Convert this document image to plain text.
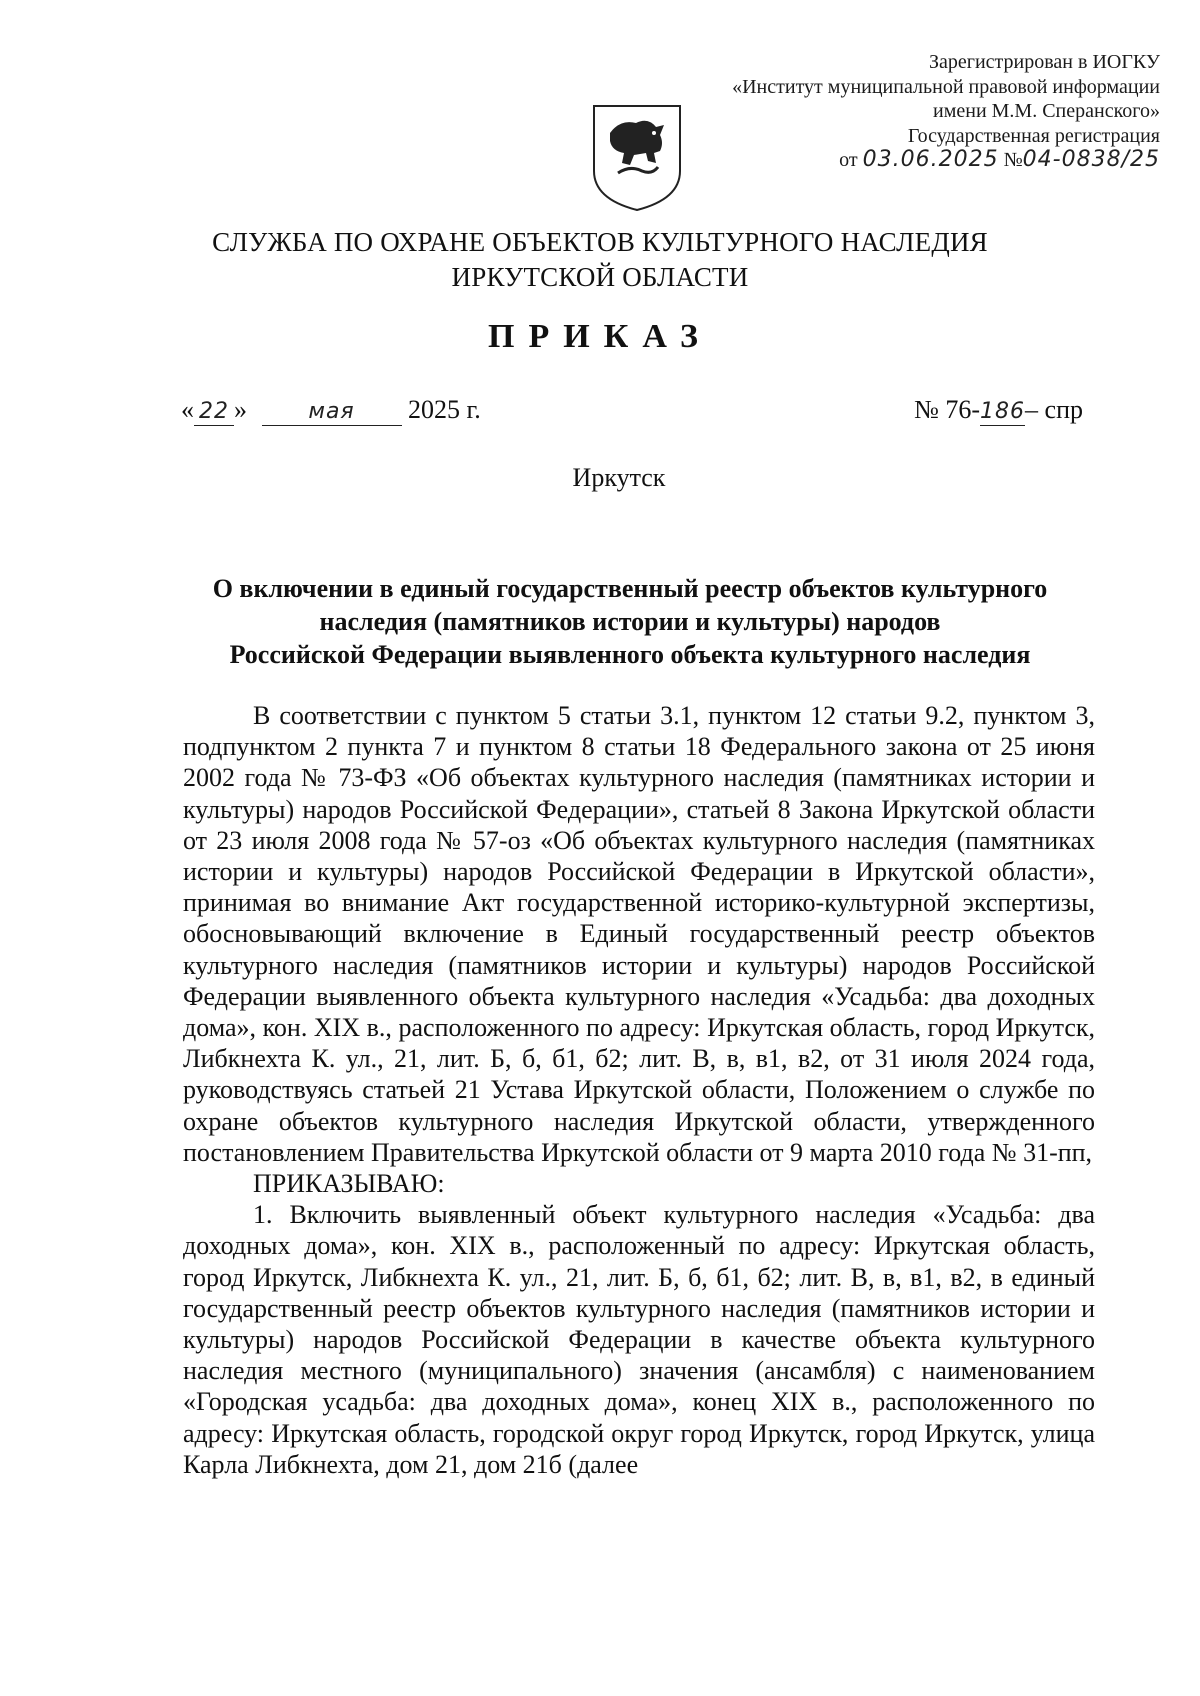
Зарегистрирован в ИОГКУ
«Институт муниципальной правовой информации
имени М.М. Сперанского»
Государственная регистрация
от 03.06.2025 №04-0838/25
СЛУЖБА ПО ОХРАНЕ ОБЪЕКТОВ КУЛЬТУРНОГО НАСЛЕДИЯ
ИРКУТСКОЙ ОБЛАСТИ
ПРИКАЗ
« 22 »	мая 2025 г.	№ 76-186– спр
Иркутск
О включении в единый государственный реестр объектов культурного
наследия (памятников истории и культуры) народов
Российской Федерации выявленного объекта культурного наследия

В соответствии с пунктом 5 статьи 3.1, пунктом 12 статьи 9.2, пунктом 3, подпунктом 2 пункта 7 и пунктом 8 статьи 18 Федерального закона от 25 июня 2002 года № 73-ФЗ «Об объектах культурного наследия (памятниках истории и культуры) народов Российской Федерации», статьей 8 Закона Иркутской области от 23 июля 2008 года № 57-оз «Об объектах культурного наследия (памятниках истории и культуры) народов Российской Федерации в Иркутской области», принимая во внимание Акт государственной историко-культурной экспертизы, обосновывающий включение в Единый государственный реестр объектов культурного наследия (памятников истории и культуры) народов Российской Федерации выявленного объекта культурного наследия «Усадьба: два доходных дома», кон. XIX в., расположенного по адресу: Иркутская область, город Иркутск, Либкнехта К. ул., 21, лит. Б, б, б1, б2; лит. В, в, в1, в2, от 31 июля 2024 года, руководствуясь статьей 21 Устава Иркутской области, Положением о службе по охране объектов культурного наследия Иркутской области, утвержденного постановлением Правительства Иркутской области от 9 марта 2010 года № 31-пп,

ПРИКАЗЫВАЮ:

1. Включить выявленный объект культурного наследия «Усадьба: два доходных дома», кон. XIX в., расположенный по адресу: Иркутская область, город Иркутск, Либкнехта К. ул., 21, лит. Б, б, б1, б2; лит. В, в, в1, в2, в единый государственный реестр объектов культурного наследия (памятников истории и культуры) народов Российской Федерации в качестве объекта культурного наследия местного (муниципального) значения (ансамбля) с наименованием «Городская усадьба: два доходных дома», конец XIX в., расположенного по адресу: Иркутская область, городской округ город Иркутск, город Иркутск, улица Карла Либкнехта, дом 21, дом 21б (далее
